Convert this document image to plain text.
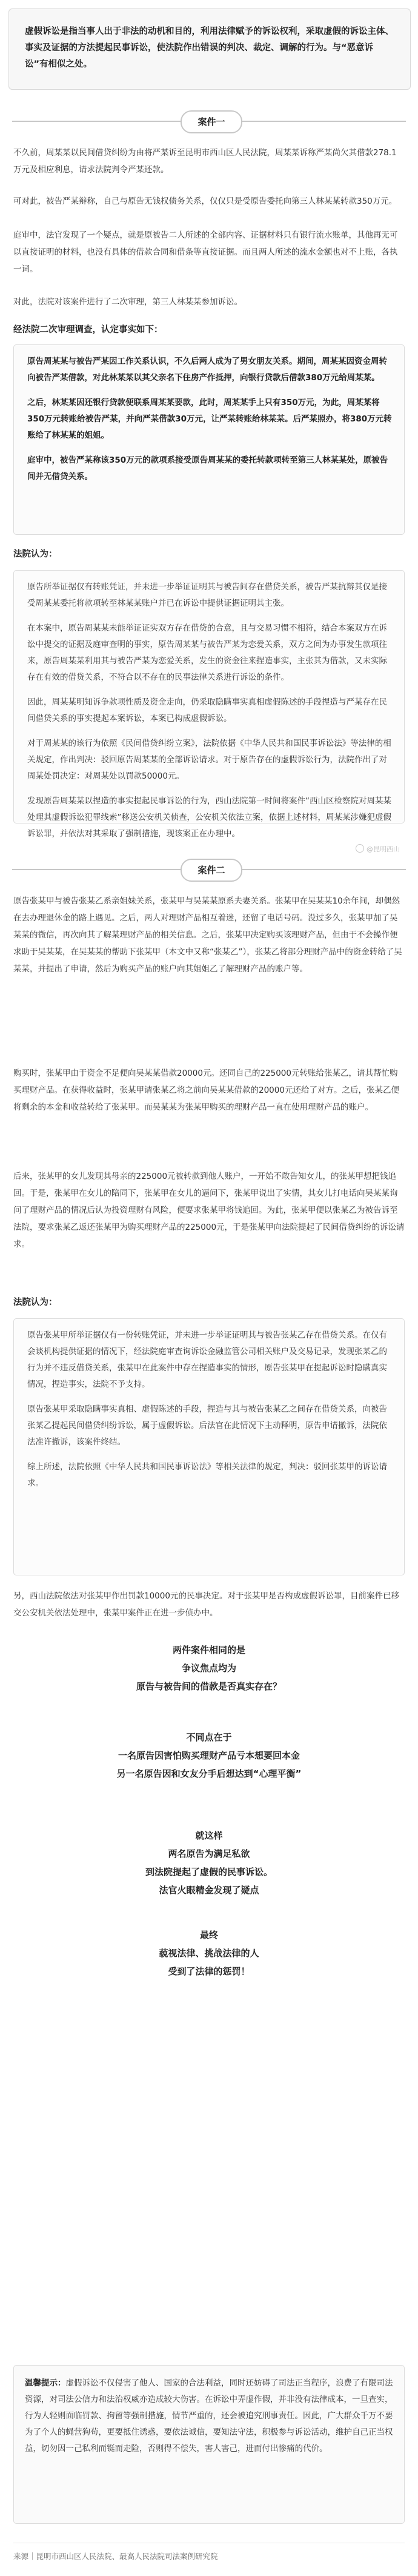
虚假诉讼是指当事人出于非法的动机和目的，利用法律赋予的诉讼权利，采取虚假的诉讼主体、事实及证据的方法提起民事诉讼，使法院作出错误的判决、裁定、调解的行为。与“恶意诉讼”有相似之处。
案件一
不久前，周某某以民间借贷纠纷为由将严某诉至昆明市西山区人民法院，周某某诉称严某尚欠其借款278.1万元及相应利息，请求法院判令严某还款。
可对此，被告严某辩称，自己与原告无钱权债务关系，仅仅只是受原告委托向第三人林某某转款350万元。
庭审中，法官发现了一个疑点，就是原被告二人所述的全部内容、证据材料只有银行流水账单，其他再无可以直接证明的材料，也没有具体的借款合同和借条等直接证据。而且两人所述的流水金额也对不上账，各执一词。
对此，法院对该案件进行了二次审理，第三人林某某参加诉讼。
经法院二次审理调查，认定事实如下：

原告周某某与被告严某因工作关系认识，不久后两人成为了男女朋友关系。期间，周某某因资金周转向被告严某借款，对此林某某以其父亲名下住房产作抵押，向银行贷款后借款380万元给周某某。

之后，林某某因还银行贷款便联系周某某要款，此时，周某某手上只有350万元，为此，周某某将350万元转账给被告严某，并向严某借款30万元，让严某转账给林某某。后严某照办，将380万元转账给了林某某的姐姐。

庭审中，被告严某称该350万元的款项系接受原告周某某的委托转款项转至第三人林某某处，原被告间并无借贷关系。

法院认为：

原告所举证据仅有转账凭证，并未进一步举证证明其与被告间存在借贷关系，被告严某抗辩其仅是接受周某某委托将款项转至林某某账户并已在诉讼中提供证据证明其主张。

在本案中，原告周某某未能举证证实双方存在借贷的合意，且与交易习惯不相符，结合本案双方在诉讼中提交的证据及庭审查明的事实，原告周某某与被告严某为恋爱关系，双方之间为办事发生款项往来，原告周某某利用其与被告严某为恋爱关系，发生的资金往来捏造事实，主张其为借款，又未实际存在有效的借贷关系，不符合以不存在的民事法律关系进行诉讼的条件。

因此，周某某明知诉争款项性质及资金走向，仍采取隐瞒事实真相虚假陈述的手段捏造与严某存在民间借贷关系的事实提起本案诉讼，本案已构成虚假诉讼。

对于周某某的该行为依照《民间借贷纠纷立案》，法院依据《中华人民共和国民事诉讼法》等法律的相关规定，作出判决：驳回原告周某某的全部诉讼请求。对于原告存在的虚假诉讼行为，法院作出了对周某处罚决定：对周某处以罚款50000元。

发现原告周某某以捏造的事实提起民事诉讼的行为，西山法院第一时间将案件“西山区检察院对周某某处理其虚假诉讼犯罪线索”移送公安机关侦查，公安机关依法立案，依据上述材料，周某某涉嫌犯虚假诉讼罪，并依法对其采取了强制措施，现该案正在办理中。

@昆明西山
案件二
原告张某甲与被告张某乙系亲姐妹关系，张某甲与吴某某原系夫妻关系。张某甲在吴某某10余年间，却偶然在去办理退休金的路上遇见。之后，两人对理财产品相互着迷，还留了电话号码。没过多久，张某甲加了吴某某的微信，再次向其了解某理财产品的相关信息。之后，张某甲决定购买该理财产品，但由于不会操作便求助于吴某某，在吴某某的帮助下张某甲（本文中又称“张某乙”），张某乙将部分理财产品中的资金转给了吴某某，并提出了申请，然后为购买产品的账户向其姐姐乙了解理财产品的账户等。
购买时，张某甲由于资金不足便向吴某某借款20000元。还同自己的225000元转账给张某乙，请其帮忙购买理财产品。在获得收益时，张某甲请张某乙将之前向吴某某借款的20000元还给了对方。之后，张某乙便将剩余的本金和收益转给了张某甲。而吴某某为张某甲购买的理财产品一直在使用理财产品的账户。
后来，张某甲的女儿发现其母亲的225000元被转款到他人账户，一开始不敢告知女儿，的张某甲想把钱追回。于是，张某甲在女儿的陪同下，张某甲在女儿的逼问下，张某甲说出了实情，其女儿打电话向吴某某询问了理财产品的情况后认为投资理财有风险，便要求张某甲将钱追回。为此，张某甲便以张某乙为被告诉至法院，要求张某乙返还张某甲为购买理财产品的225000元，于是张某甲向法院提起了民间借贷纠纷的诉讼请求。
法院认为：

原告张某甲所举证据仅有一份转账凭证，并未进一步举证证明其与被告张某乙存在借贷关系。在仅有会谈机构提供证据的情况下，经法院庭审查询诉讼金融监管公司相关账户及交易记录，发现张某乙的行为并不违反借贷关系，张某甲在此案件中存在捏造事实的情形，原告张某甲在提起诉讼时隐瞒真实情况，捏造事实，法院不予支持。

原告张某甲采取隐瞒事实真相、虚假陈述的手段，捏造与其与被告张某乙之间存在借贷关系，向被告张某乙提起民间借贷纠纷诉讼，属于虚假诉讼。后法官在此情况下主动释明，原告申请撤诉，法院依法准许撤诉，该案件终结。

综上所述，法院依照《中华人民共和国民事诉讼法》等相关法律的规定，判决：驳回张某甲的诉讼请求。

另，西山法院依法对张某甲作出罚款10000元的民事决定。对于张某甲是否构成虚假诉讼罪，目前案件已移交公安机关依法处理中，张某甲案件正在进一步侦办中。
两件案件相同的是
争议焦点均为
原告与被告间的借款是否真实存在？
不同点在于
一名原告因害怕购买理财产品亏本想要回本金
另一名原告因和女友分手后想达到“心理平衡”
就这样
两名原告为满足私欲
到法院提起了虚假的民事诉讼。
法官火眼精金发现了疑点
最终
藐视法律、挑战法律的人
受到了法律的惩罚！
温馨提示：虚假诉讼不仅侵害了他人、国家的合法利益，同时还妨碍了司法正当程序，浪费了有限司法资源，对司法公信力和法治权威亦造成较大伤害。在诉讼中弄虚作假，并非没有法律成本，一旦查实，行为人轻则面临罚款、拘留等强制措施，情节严重的，还会被追究刑事责任。因此，广大群众千万不要为了个人的蝇营狗苟，更要抵住诱惑，要依法诚信，要知法守法，积极参与诉讼活动，维护自己正当权益，切勿因一己私利而铤而走险，否则得不偿失，害人害己，进而付出惨痛的代价。
来源｜昆明市西山区人民法院、最高人民法院司法案例研究院
